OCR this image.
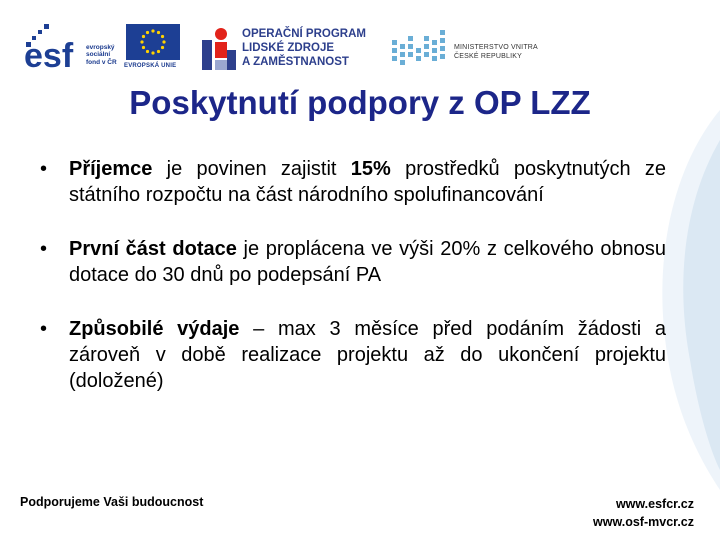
esf evropský
sociální
fond v ČR
EVROPSKÁ UNIE
OPERAČNÍ PROGRAM
LIDSKÉ ZDROJE
A ZAMĚSTNANOST
MINISTERSTVO VNITRA
ČESKÉ REPUBLIKY
Poskytnutí podpory z OP LZZ
• Příjemce je povinen zajistit 15% prostředků poskytnutých ze státního rozpočtu na část národního spolufinancování
• První část dotace je proplácena ve výši 20% z celkového obnosu dotace do 30 dnů po podepsání PA
• Způsobilé výdaje – max 3 měsíce před podáním žádosti a zároveň v době realizace projektu až do ukončení projektu (doložené)
Podporujeme Vaši budoucnost	www.esfcr.cz
www.osf-mvcr.cz
